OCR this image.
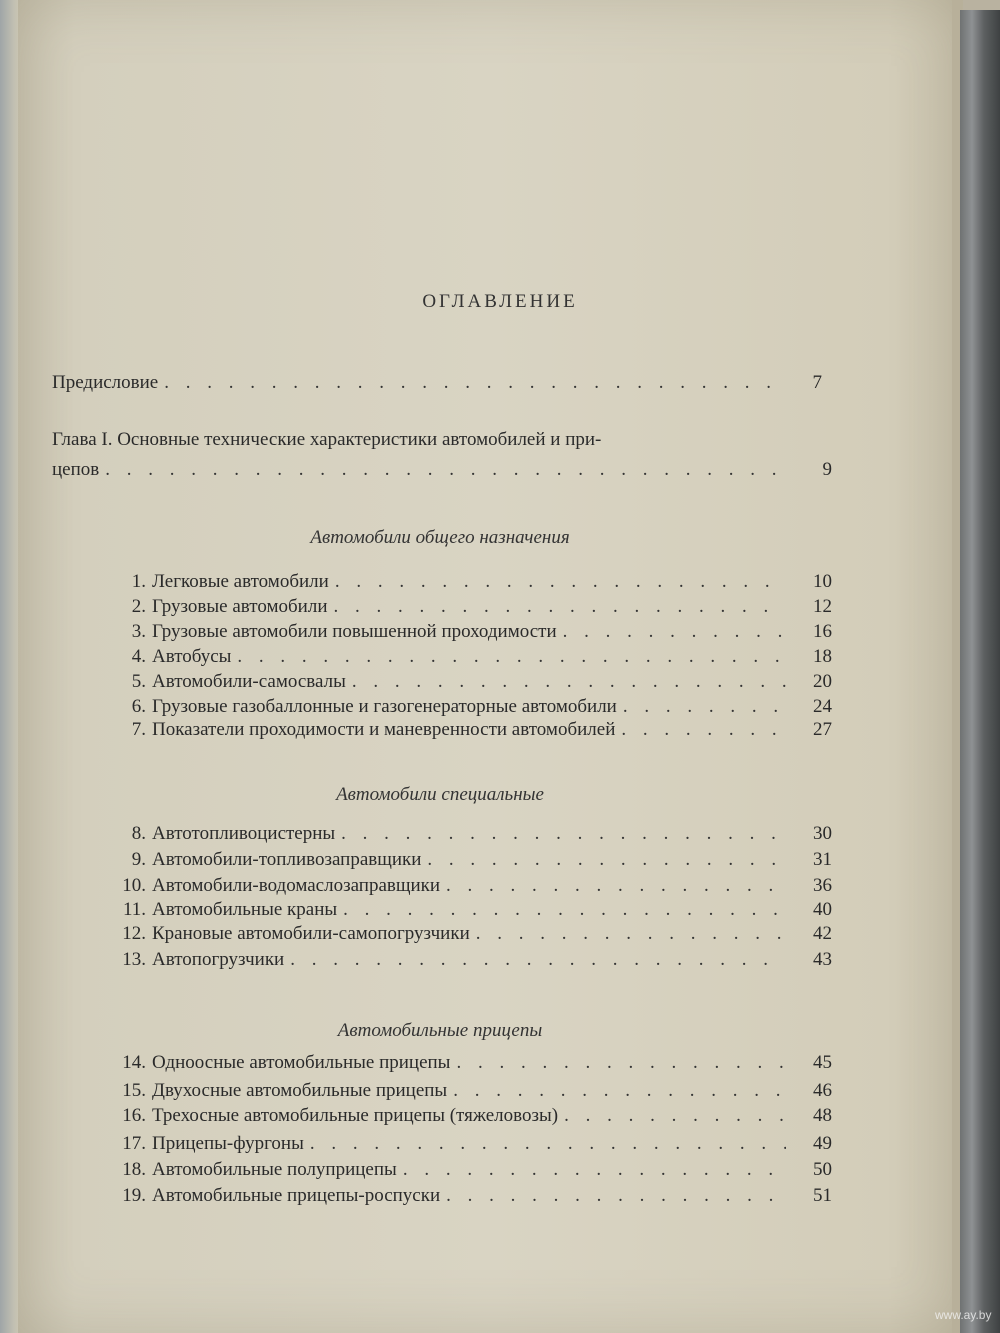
ОГЛАВЛЕНИЕ
Предисловие . . .	7
Глава I. Основные технические характеристики автомобилей и при-
цепов . . .	9
Автомобили общего назначения
1. Легковые автомобили . . .	10
2. Грузовые автомобили . . .	12
3. Грузовые автомобили повышенной проходимости . . .	16
4. Автобусы . . .	18
5. Автомобили-самосвалы . . .	20
6. Грузовые газобаллонные и газогенераторные автомобили . . .	24
7. Показатели проходимости и маневренности автомобилей . . .	27
Автомобили специальные
8. Автотопливоцистерны . . .	30
9. Автомобили-топливозаправщики . . .	31
10. Автомобили-водомаслозаправщики . . .	36
11. Автомобильные краны . . .	40
12. Крановые автомобили-самопогрузчики . . .	42
13. Автопогрузчики . . .	43
Автомобильные прицепы
14. Одноосные автомобильные прицепы . . .	45
15. Двухосные автомобильные прицепы . . .	46
16. Трехосные автомобильные прицепы (тяжеловозы) . . .	48
17. Прицепы-фургоны . . .	49
18. Автомобильные полуприцепы . . .	50
19. Автомобильные прицепы-роспуски . . .	51
www.ay.by
